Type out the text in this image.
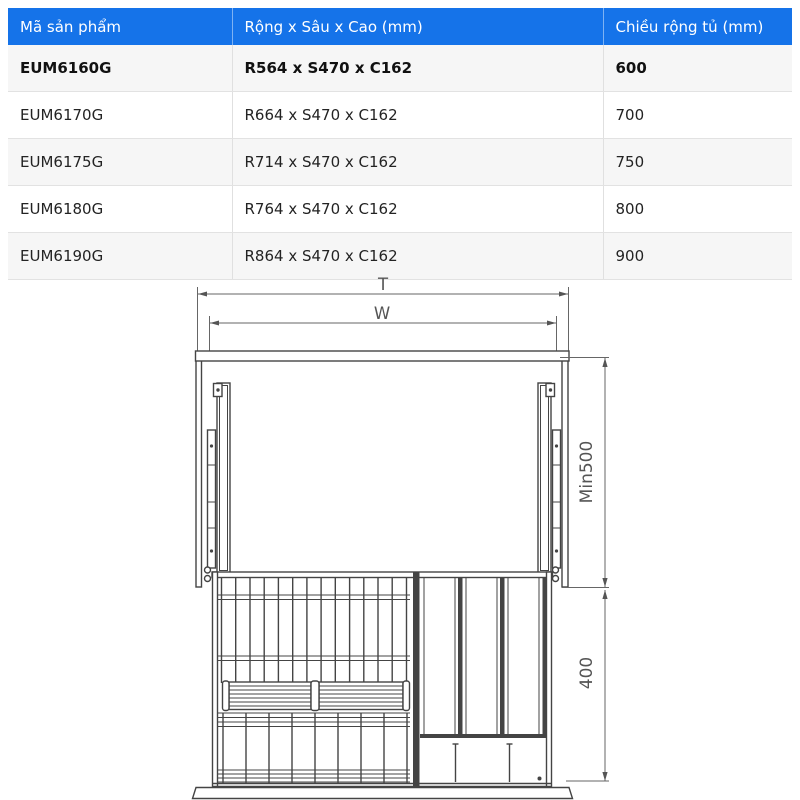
Mã sản phẩm	Rộng x Sâu x Cao (mm)	Chiều rộng tủ (mm)
EUM6160G	R564 x S470 x C162	600
EUM6170G	R664 x S470 x C162	700
EUM6175G	R714 x S470 x C162	750
EUM6180G	R764 x S470 x C162	800
EUM6190G	R864 x S470 x C162	900
T
W
Min500
400
